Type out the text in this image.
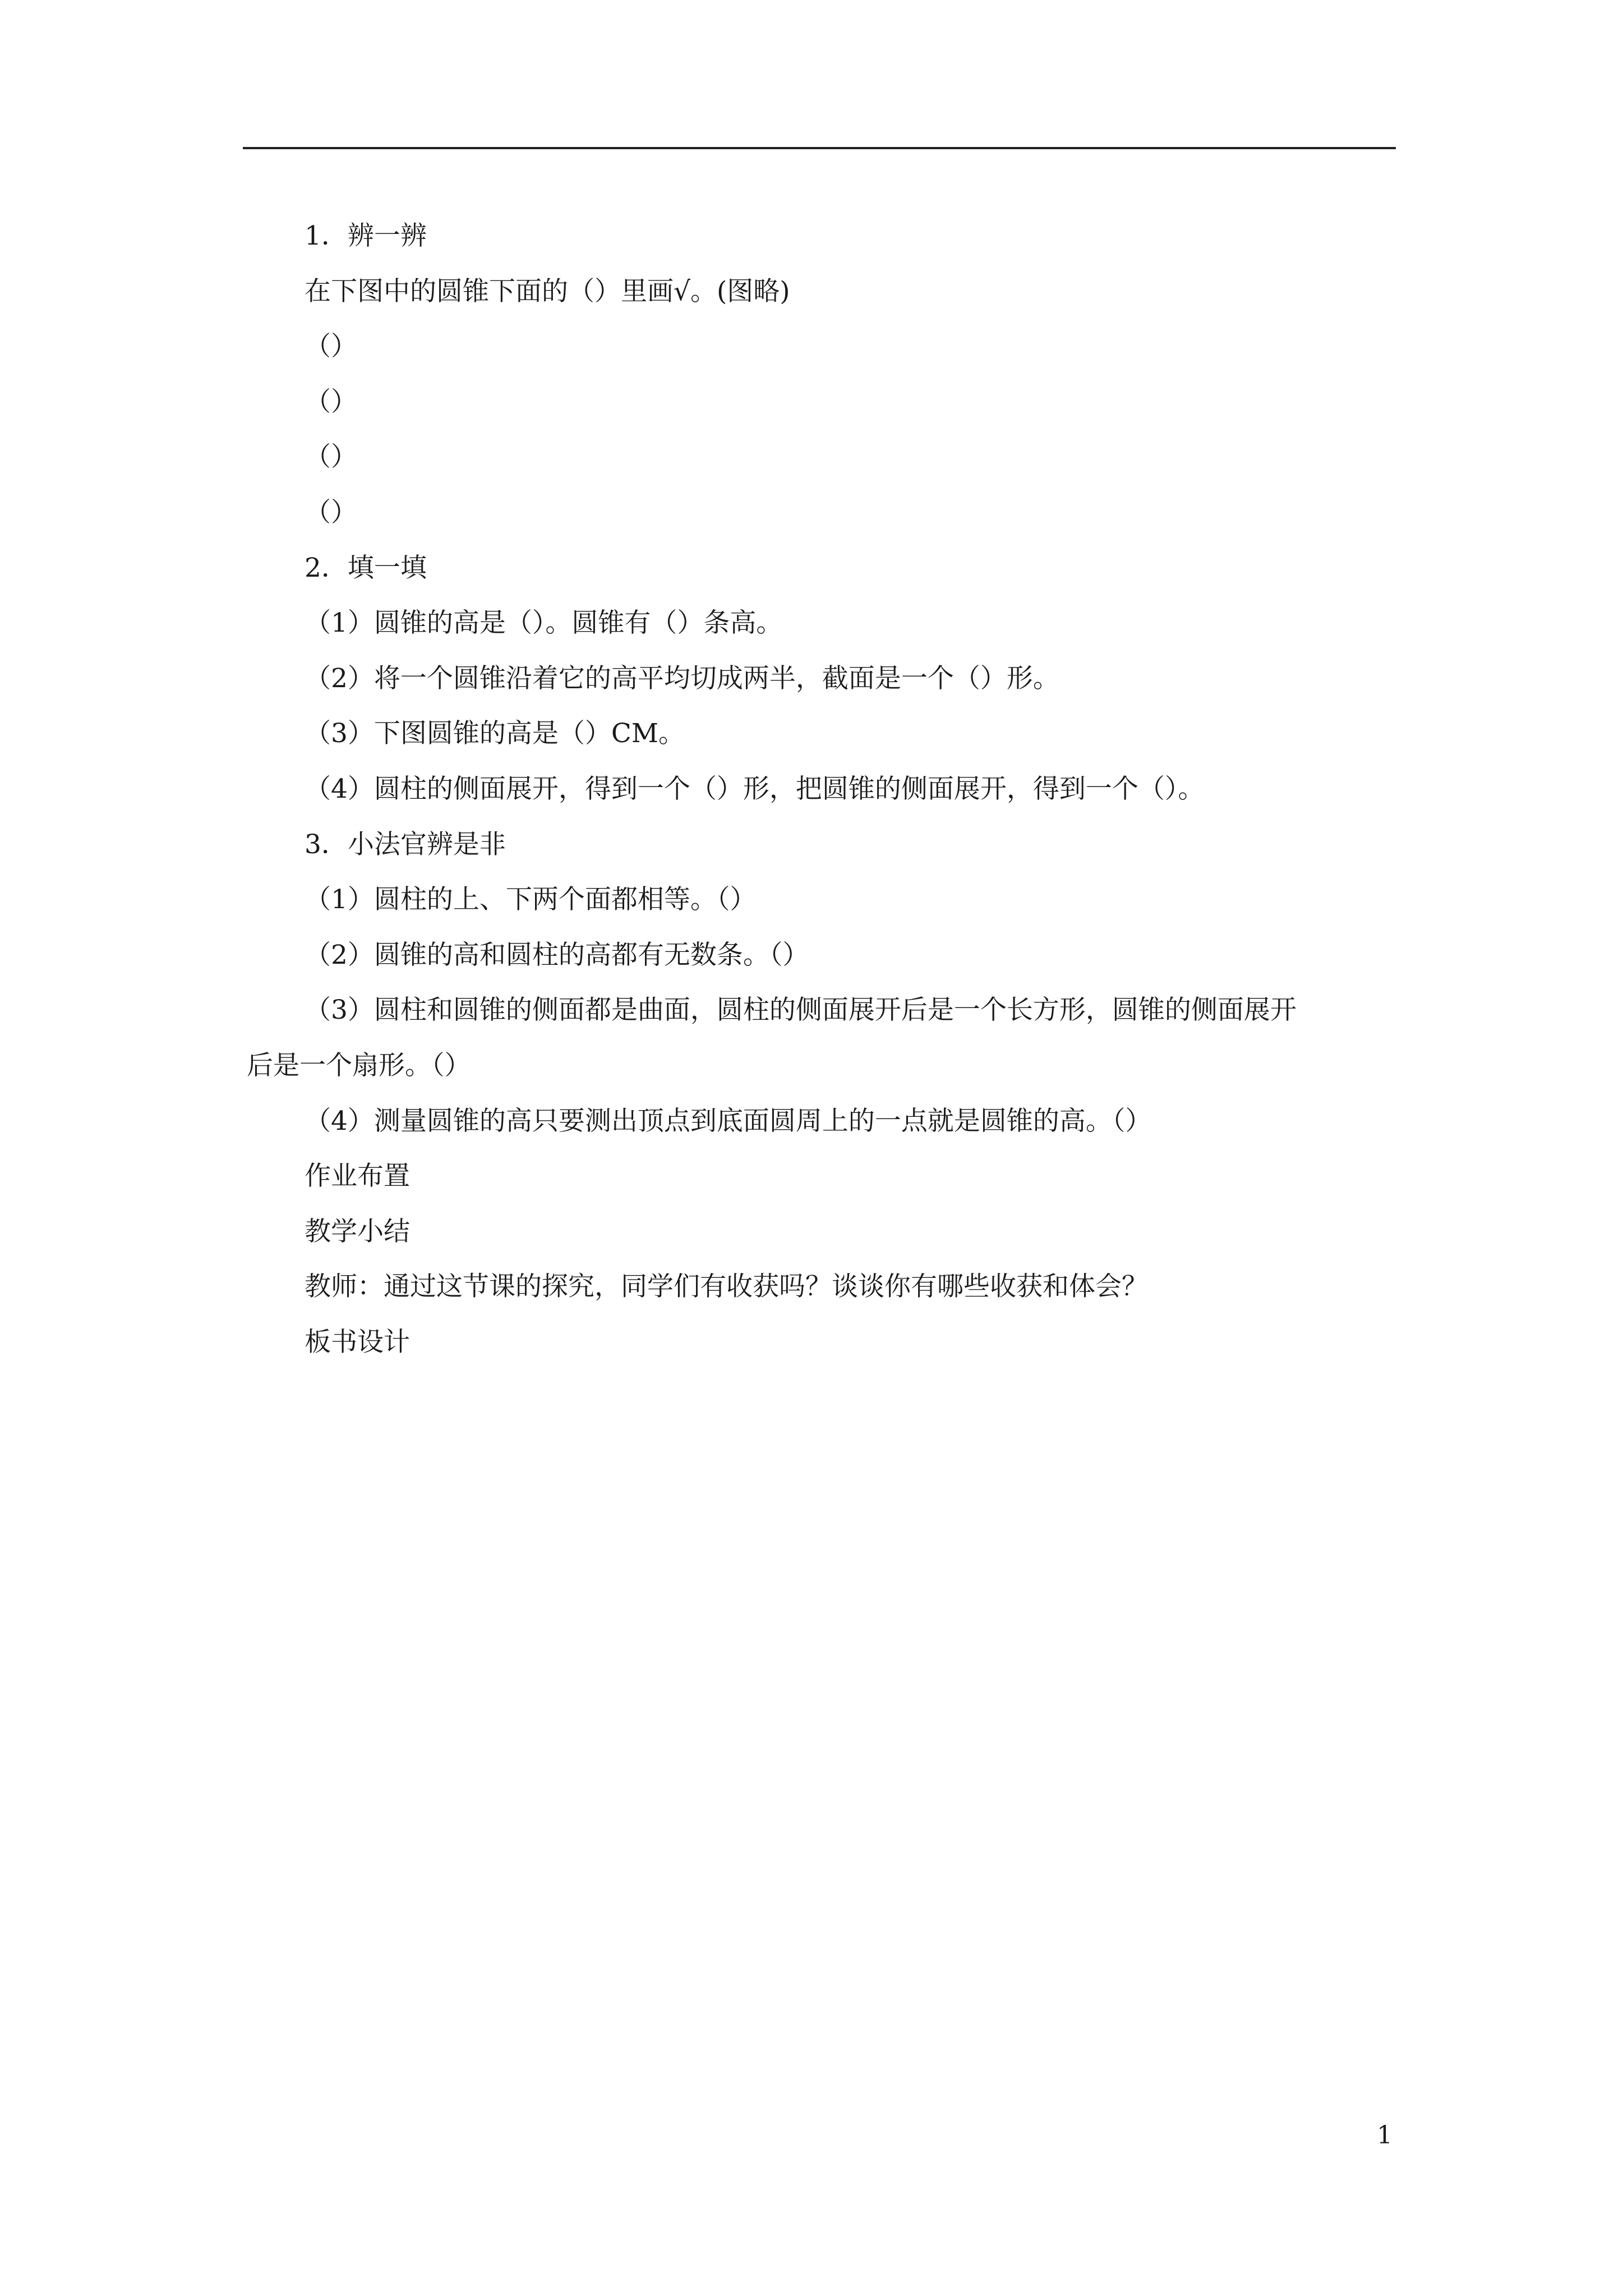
1．辨一辨
在下图中的圆锥下面的（）里画√。(图略)
（）
（）
（）
（）
2．填一填
（1）圆锥的高是（）。圆锥有（）条高。
（2）将一个圆锥沿着它的高平均切成两半，截面是一个（）形。
（3）下图圆锥的高是（）CM。
（4）圆柱的侧面展开，得到一个（）形，把圆锥的侧面展开，得到一个（）。
3．小法官辨是非
（1）圆柱的上、下两个面都相等。（）
（2）圆锥的高和圆柱的高都有无数条。（）
（3）圆柱和圆锥的侧面都是曲面，圆柱的侧面展开后是一个长方形，圆锥的侧面展开
后是一个扇形。（）
（4）测量圆锥的高只要测出顶点到底面圆周上的一点就是圆锥的高。（）
作业布置
教学小结
教师：通过这节课的探究，同学们有收获吗？谈谈你有哪些收获和体会？
板书设计
1
